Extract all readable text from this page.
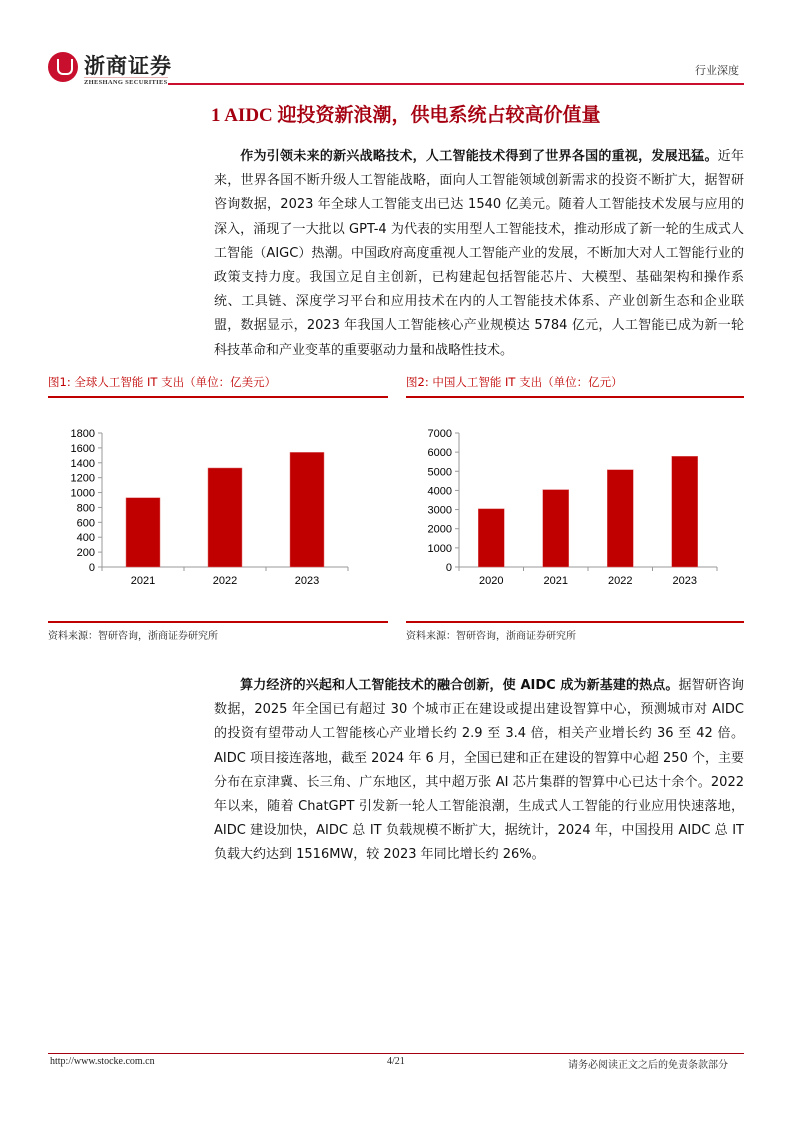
浙商证券
ZHESHANG SECURITIES
行业深度
1 AIDC 迎投资新浪潮，供电系统占较高价值量
作为引领未来的新兴战略技术，人工智能技术得到了世界各国的重视，发展迅猛。近年来，世界各国不断升级人工智能战略，面向人工智能领域创新需求的投资不断扩大，据智研咨询数据，2023 年全球人工智能支出已达 1540 亿美元。随着人工智能技术发展与应用的深入，涌现了一大批以 GPT-4 为代表的实用型人工智能技术，推动形成了新一轮的生成式人工智能（AIGC）热潮。中国政府高度重视人工智能产业的发展，不断加大对人工智能行业的政策支持力度。我国立足自主创新，已构建起包括智能芯片、大模型、基础架构和操作系统、工具链、深度学习平台和应用技术在内的人工智能技术体系、产业创新生态和企业联盟，数据显示，2023 年我国人工智能核心产业规模达 5784 亿元，人工智能已成为新一轮科技革命和产业变革的重要驱动力量和战略性技术。
图1: 全球人工智能 IT 支出（单位：亿美元）
0
200
400
600
800
1000
1200
1400
1600
1800
2021	2022	2023
资料来源：智研咨询，浙商证券研究所
图2: 中国人工智能 IT 支出（单位：亿元）
0
1000
2000
3000
4000
5000
6000
7000
2020	2021	2022	2023
资料来源：智研咨询，浙商证券研究所
算力经济的兴起和人工智能技术的融合创新，使 AIDC 成为新基建的热点。据智研咨询数据，2025 年全国已有超过 30 个城市正在建设或提出建设智算中心，预测城市对 AIDC 的投资有望带动人工智能核心产业增长约 2.9 至 3.4 倍，相关产业增长约 36 至 42 倍。AIDC 项目接连落地，截至 2024 年 6 月，全国已建和正在建设的智算中心超 250 个，主要分布在京津冀、长三角、广东地区，其中超万张 AI 芯片集群的智算中心已达十余个。2022 年以来，随着 ChatGPT 引发新一轮人工智能浪潮，生成式人工智能的行业应用快速落地，AIDC 建设加快，AIDC 总 IT 负载规模不断扩大，据统计，2024 年，中国投用 AIDC 总 IT 负载大约达到 1516MW，较 2023 年同比增长约 26%。
http://www.stocke.com.cn	4/21	请务必阅读正文之后的免责条款部分
